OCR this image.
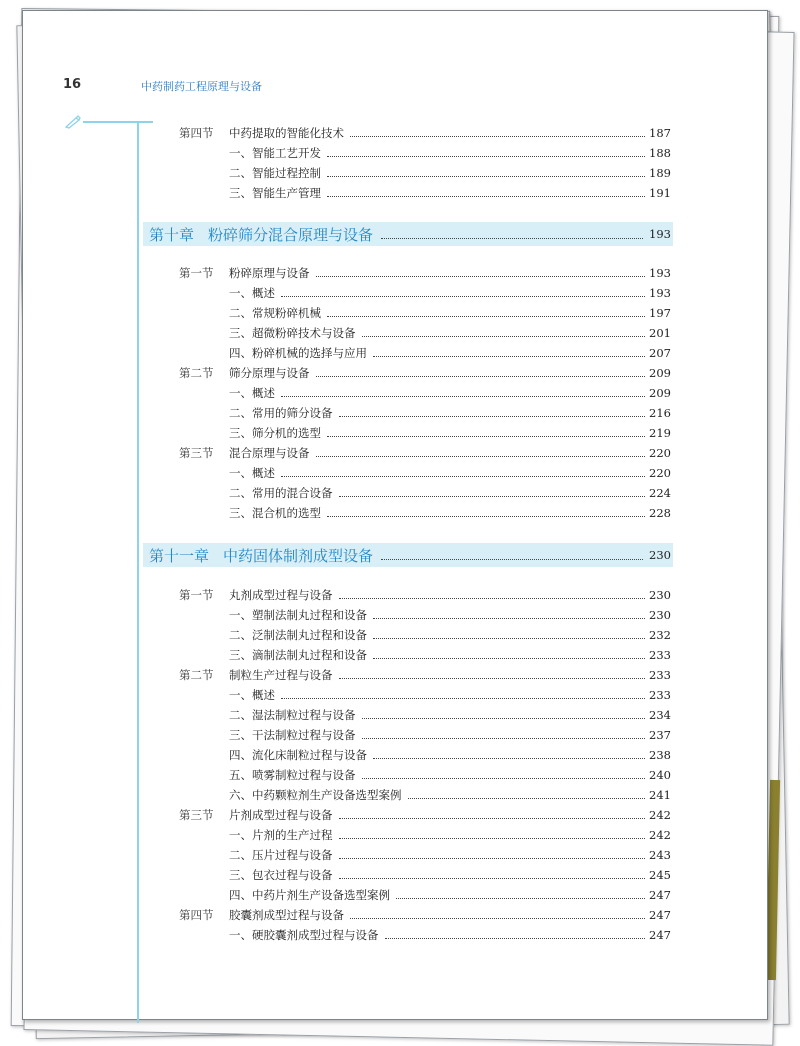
16	中药制药工程原理与设备
第四节	中药提取的智能化技术	187
一、智能工艺开发	188
二、智能过程控制	189
三、智能生产管理	191
第十章 粉碎筛分混合原理与设备	193
第一节	粉碎原理与设备	193
一、概述	193
二、常规粉碎机械	197
三、超微粉碎技术与设备	201
四、粉碎机械的选择与应用	207
第二节	筛分原理与设备	209
一、概述	209
二、常用的筛分设备	216
三、筛分机的选型	219
第三节	混合原理与设备	220
一、概述	220
二、常用的混合设备	224
三、混合机的选型	228
第十一章 中药固体制剂成型设备	230
第一节	丸剂成型过程与设备	230
一、塑制法制丸过程和设备	230
二、泛制法制丸过程和设备	232
三、滴制法制丸过程和设备	233
第二节	制粒生产过程与设备	233
一、概述	233
二、湿法制粒过程与设备	234
三、干法制粒过程与设备	237
四、流化床制粒过程与设备	238
五、喷雾制粒过程与设备	240
六、中药颗粒剂生产设备选型案例	241
第三节	片剂成型过程与设备	242
一、片剂的生产过程	242
二、压片过程与设备	243
三、包衣过程与设备	245
四、中药片剂生产设备选型案例	247
第四节	胶囊剂成型过程与设备	247
一、硬胶囊剂成型过程与设备	247
